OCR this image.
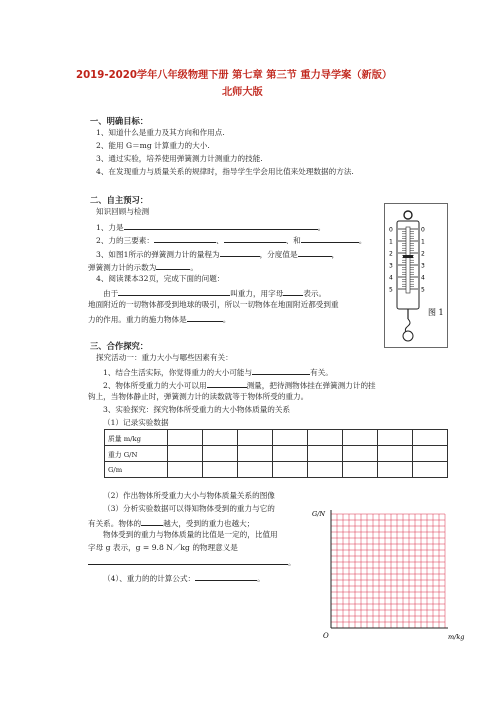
2019-2020学年八年级物理下册 第七章 第三节 重力导学案（新版）
北师大版
一、明确目标：
1、知道什么是重力及其方向和作用点.
2、能用 G＝mg 计算重力的大小.
3、通过实验，培养使用弹簧测力计测重力的技能.
4、在发现重力与质量关系的规律时，指导学生学会用比值来处理数据的方法.
二、自主预习：
知识回顾与检测
1、力是	。
2、力的三要素：	、	、和	。
3、如图1所示的弹簧测力计的量程为	，分度值是	，
弹簧测力计的示数为	。
4、阅读课本32页，完成下面的问题：
由于	叫重力，用字母	表示。
地面附近的一切物体都受到地球的吸引，所以一切物体在地面附近都受到重
力的作用。重力的施力物体是	。
0	0
1	1
2	2
3	3
4	4
5	5
图 1
三、合作探究：
探究活动一：重力大小与哪些因素有关：
1、结合生活实际，你觉得重力的大小可能与	有关。
2、物体所受重力的大小可以用	测量，把待测物体挂在弹簧测力计的挂
钩上，当物体静止时，弹簧测力计的读数就等于物体所受的重力。
3、实验探究：探究物体所受重力的大小物体质量的关系
（1）记录实验数据
质量 m/kg								
重力 G/N								
G/m								
（2）作出物体所受重力大小与物体质量关系的图像
（3）分析实验数据可以得知物体受到的重力与它的
有关系。物体的	越大，受到的重力也越大；
物体受到的重力与物体质量的比值是一定的，比值用
字母 g 表示，g = 9.8 N／kg 的物理意义是
。
（4）、重力的的计算公式：	。
G/N
m/kg
O
